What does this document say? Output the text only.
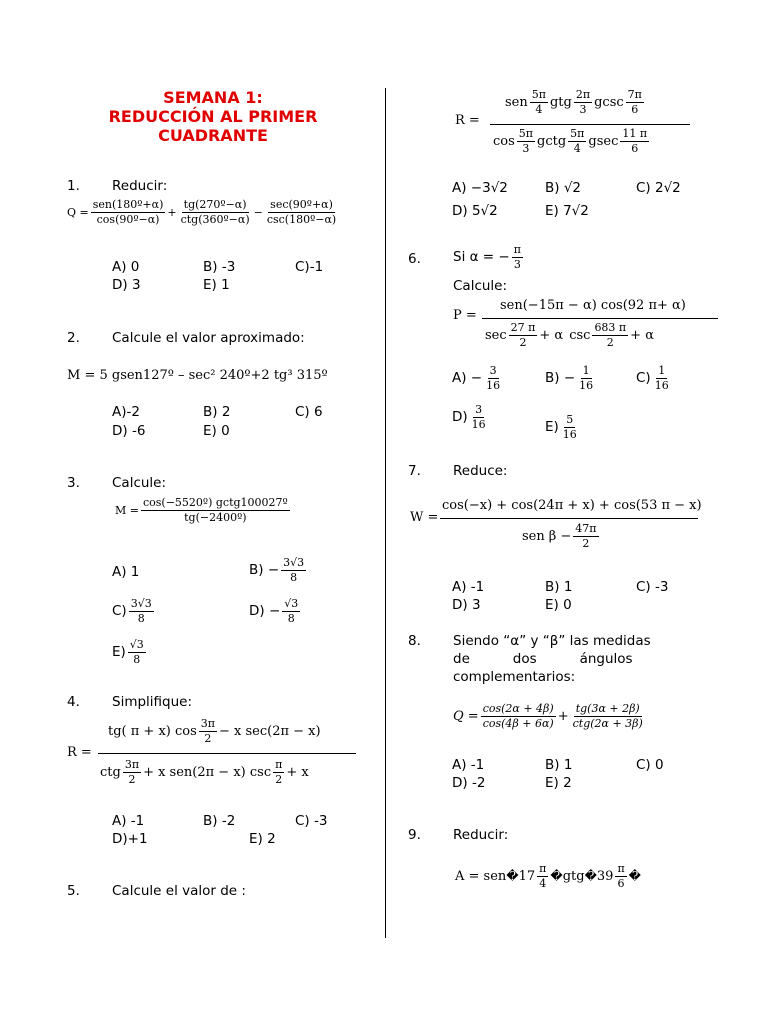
SEMANA 1:
REDUCCIÓN AL PRIMER
CUADRANTE
1. Reducir:
$Q = \frac{\text{sen(180º+α)}}{\text{cos(90º−α)}} + \frac{\text{tg(270º−α)}}{\text{ctg(360º−α)}} - \frac{\text{sec(90º+α)}}{\text{csc(180º−α)}}$
A) 0	B) -3	C)-1
D) 3	E) 1
2. Calcule el valor aproximado:
M = 5 gsen127º – sec² 240º+2 tg³ 315º
A)-2	B) 2	C) 6
D) -6	E) 0
3. Calcule:
$M = \frac{\text{cos(−5520º) gctg100027º}}{\text{tg(−2400º)}}$
A) 1	$B) - \frac{3√3}{8}$
$C) \frac{3√3}{8}$	$D) - \frac{√3}{8}$
$E) \frac{√3}{8}$
4. Simplifique:
R =
tg( π + x) $\cos \frac{3\pi}{2} - x$ sec(2π − x)
ctg $\frac{3\pi}{2} + x$ sen(2π − x) $\csc \frac{\pi}{2} + x$
A) -1	B) -2	C) -3
D)+1	E) 2
5. Calcule el valor de :
R =
sen $\frac{5\pi}{4}$ gtg $\frac{2\pi}{3}$ gcsc $\frac{7\pi}{6}$
$\cos \frac{5\pi}{3}$ gctg $\frac{5\pi}{4}$ gsec $\frac{11 \pi}{6}$
A) −3√2	B) √2	C) 2√2
D) 5√2	E) 7√2
6. Si α = − $\frac{\pi}{3}$
Calcule:
P =
sen(−15π − α) cos(92 π+ α)
$\sec \frac{27 \pi}{2} + \alpha$ $\csc \frac{683 \pi}{2} + \alpha$
$A) - \frac{3}{16}$	$B) - \frac{1}{16}$	$C) \frac{1}{16}$
$D) \frac{3}{16}$	$E) \frac{5}{16}$
7. Reduce:
W =
cos(−x) + cos(24π + x) + cos(53 π − x)
sen $\beta - \frac{47\pi}{2}$
A) -1	B) 1	C) -3
D) 3	E) 0
8. Siendo “α” y “β” las medidas
de          dos          ángulos
complementarios:
$Q = \frac{\cos(2\alpha + 4\beta)}{\cos(4\beta + 6\alpha)} + \frac{tg(3\alpha + 2\beta)}{\text{ctg(2α + 3β)}}$
A) -1	B) 1	C) 0
D) -2	E) 2
9. Reducir:
A = sen � $17 \frac{\pi}{4}$ � gtg � $39 \frac{\pi}{6}$ �
